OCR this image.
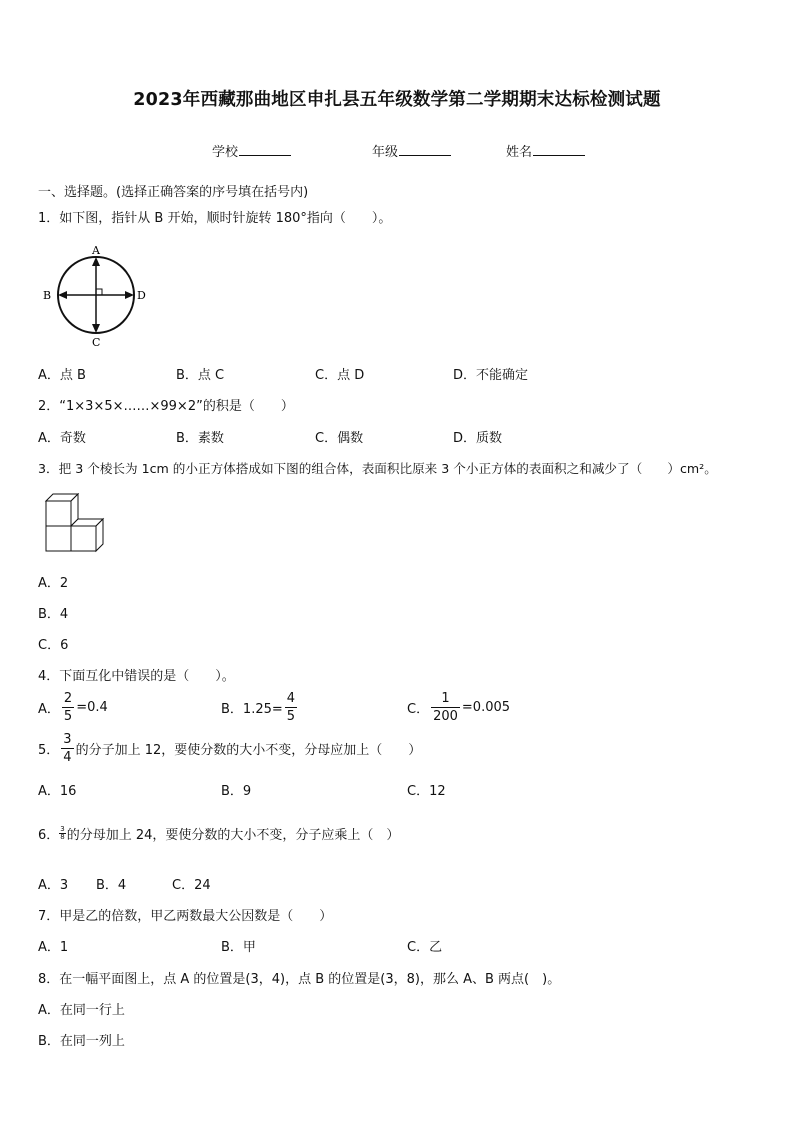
2023年西藏那曲地区申扎县五年级数学第二学期期末达标检测试题
学校	年级	姓名
一、选择题。(选择正确答案的序号填在括号内)
1．如下图，指针从 B 开始，顺时针旋转 180°指向（　　）。
A
B	D
C
A．点 B	B．点 C	C．点 D	D．不能确定
2．“1×3×5×……×99×2”的积是（　　）
A．奇数	B．素数	C．偶数	D．质数
3．把 3 个棱长为 1cm 的小正方体搭成如下图的组合体，表面积比原来 3 个小正方体的表面积之和减少了（　　）cm²。
A．2
B．4
C．6
4．下面互化中错误的是（　　）。
A． $\frac{2}{5} =0.4$	B．$1.25= \frac{4}{5}$	C． $\frac{1}{200} =0.005$
5． $\frac{3}{4}$ 的分子加上 12，要使分数的大小不变，分母应加上（　　）
A．16	B．9	C．12
6． $\frac{3}{8}$ 的分母加上 24，要使分数的大小不变，分子应乘上（　）
A．3 B．4	C．24
7．甲是乙的倍数，甲乙两数最大公因数是（　　）
A．1	B．甲	C．乙
8．在一幅平面图上，点 A 的位置是(3，4)，点 B 的位置是(3，8)，那么 A、B 两点(　)。
A．在同一行上
B．在同一列上
